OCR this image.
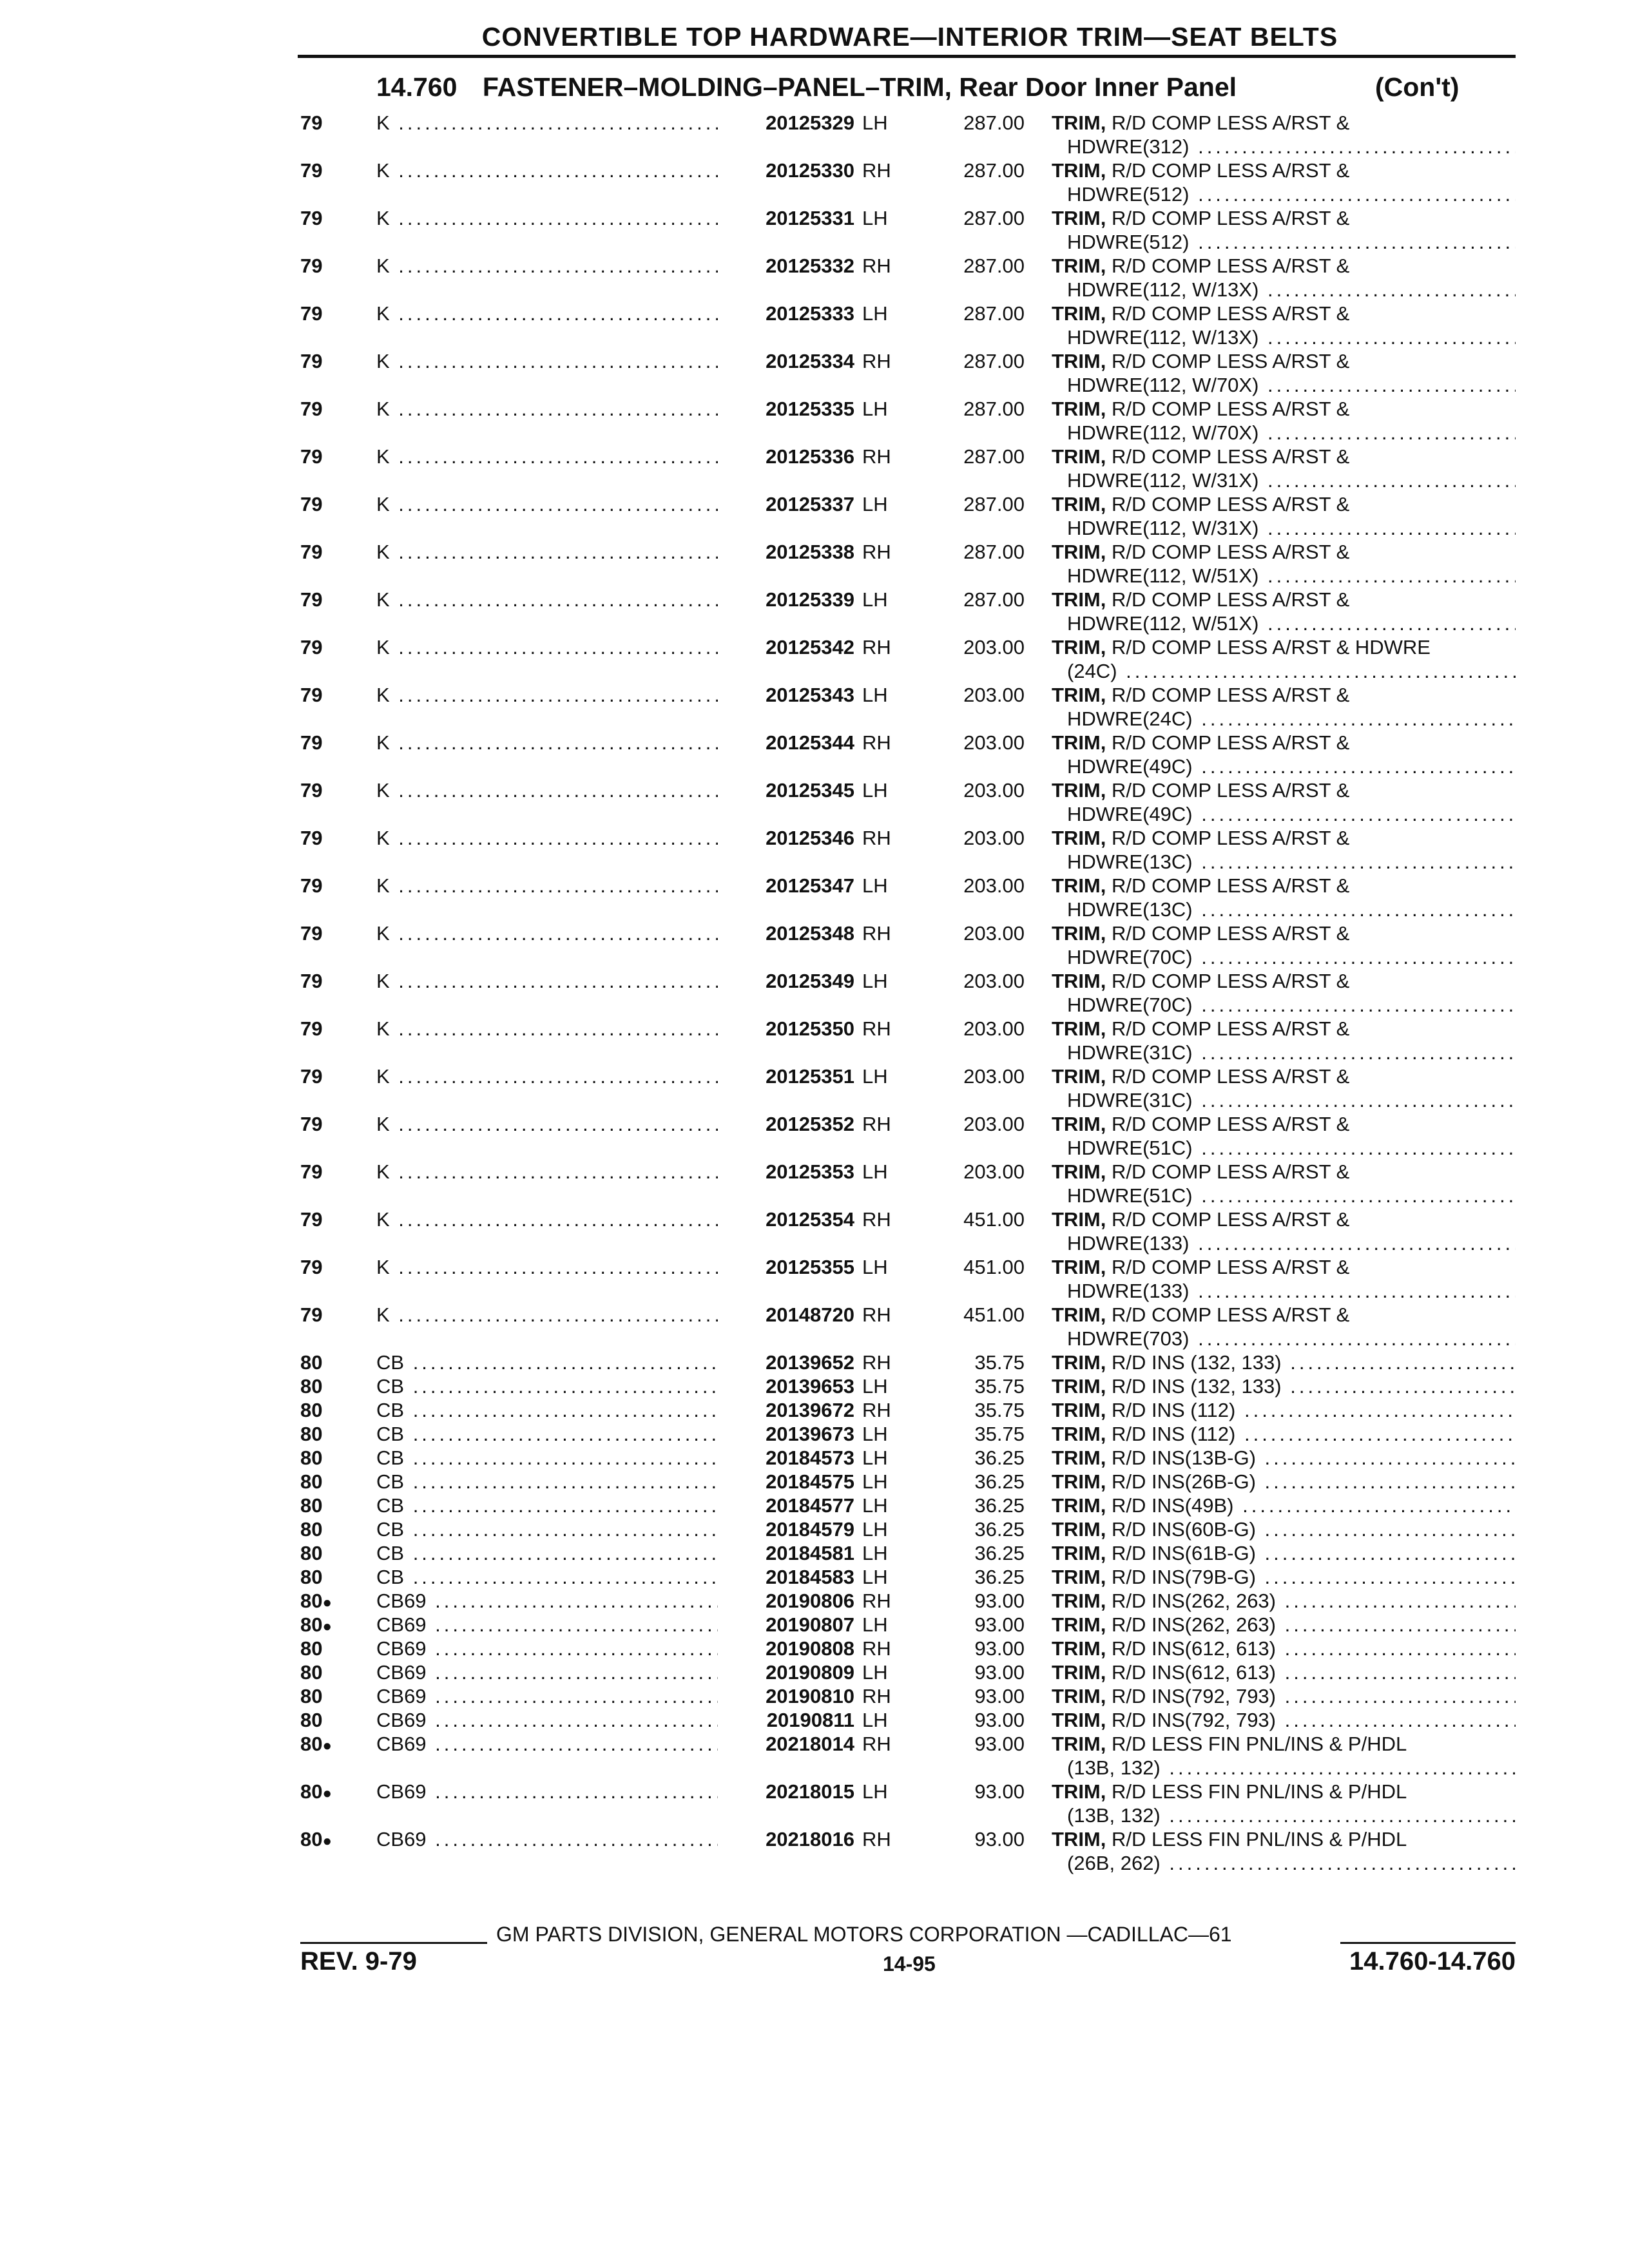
CONVERTIBLE TOP HARDWARE—INTERIOR TRIM—SEAT BELTS
14.760 FASTENER–MOLDING–PANEL–TRIM, Rear Door Inner Panel	(Con't)
79	K .....	20125329 LH	287.00 TRIM, R/D COMP LESS A/RST &
HDWRE(312) .....
79	K .....	20125330 RH	287.00 TRIM, R/D COMP LESS A/RST &
HDWRE(512) .....
79	K .....	20125331 LH	287.00 TRIM, R/D COMP LESS A/RST &
HDWRE(512) .....
79	K .....	20125332 RH	287.00 TRIM, R/D COMP LESS A/RST &
HDWRE(112, W/13X) .....
79	K .....	20125333 LH	287.00 TRIM, R/D COMP LESS A/RST &
HDWRE(112, W/13X) .....
79	K .....	20125334 RH	287.00 TRIM, R/D COMP LESS A/RST &
HDWRE(112, W/70X) .....
79	K .....	20125335 LH	287.00 TRIM, R/D COMP LESS A/RST &
HDWRE(112, W/70X) .....
79	K .....	20125336 RH	287.00 TRIM, R/D COMP LESS A/RST &
HDWRE(112, W/31X) .....
79	K .....	20125337 LH	287.00 TRIM, R/D COMP LESS A/RST &
HDWRE(112, W/31X) .....
79	K .....	20125338 RH	287.00 TRIM, R/D COMP LESS A/RST &
HDWRE(112, W/51X) .....
79	K .....	20125339 LH	287.00 TRIM, R/D COMP LESS A/RST &
HDWRE(112, W/51X) .....
79	K .....	20125342 RH	203.00 TRIM, R/D COMP LESS A/RST & HDWRE
(24C) .....
79	K .....	20125343 LH	203.00 TRIM, R/D COMP LESS A/RST &
HDWRE(24C) .....
79	K .....	20125344 RH	203.00 TRIM, R/D COMP LESS A/RST &
HDWRE(49C) .....
79	K .....	20125345 LH	203.00 TRIM, R/D COMP LESS A/RST &
HDWRE(49C) .....
79	K .....	20125346 RH	203.00 TRIM, R/D COMP LESS A/RST &
HDWRE(13C) .....
79	K .....	20125347 LH	203.00 TRIM, R/D COMP LESS A/RST &
HDWRE(13C) .....
79	K .....	20125348 RH	203.00 TRIM, R/D COMP LESS A/RST &
HDWRE(70C) .....
79	K .....	20125349 LH	203.00 TRIM, R/D COMP LESS A/RST &
HDWRE(70C) .....
79	K .....	20125350 RH	203.00 TRIM, R/D COMP LESS A/RST &
HDWRE(31C) .....
79	K .....	20125351 LH	203.00 TRIM, R/D COMP LESS A/RST &
HDWRE(31C) .....
79	K .....	20125352 RH	203.00 TRIM, R/D COMP LESS A/RST &
HDWRE(51C) .....
79	K .....	20125353 LH	203.00 TRIM, R/D COMP LESS A/RST &
HDWRE(51C) .....
79	K .....	20125354 RH	451.00 TRIM, R/D COMP LESS A/RST &
HDWRE(133) .....
79	K .....	20125355 LH	451.00 TRIM, R/D COMP LESS A/RST &
HDWRE(133) .....
79	K .....	20148720 RH	451.00 TRIM, R/D COMP LESS A/RST &
HDWRE(703) .....
80	CB .....	20139652 RH	35.75 TRIM, R/D INS (132, 133) .....
80	CB .....	20139653 LH	35.75 TRIM, R/D INS (132, 133) .....
80	CB .....	20139672 RH	35.75 TRIM, R/D INS (112) .....
80	CB .....	20139673 LH	35.75 TRIM, R/D INS (112) .....
80	CB .....	20184573 LH	36.25 TRIM, R/D INS(13B-G) .....
80	CB .....	20184575 LH	36.25 TRIM, R/D INS(26B-G) .....
80	CB .....	20184577 LH	36.25 TRIM, R/D INS(49B) .....
80	CB .....	20184579 LH	36.25 TRIM, R/D INS(60B-G) .....
80	CB .....	20184581 LH	36.25 TRIM, R/D INS(61B-G) .....
80	CB .....	20184583 LH	36.25 TRIM, R/D INS(79B-G) .....
80● CB69 .....	20190806 RH	93.00 TRIM, R/D INS(262, 263) .....
80● CB69 .....	20190807 LH	93.00 TRIM, R/D INS(262, 263) .....
80	CB69 .....	20190808 RH	93.00 TRIM, R/D INS(612, 613) .....
80	CB69 .....	20190809 LH	93.00 TRIM, R/D INS(612, 613) .....
80	CB69 .....	20190810 RH	93.00 TRIM, R/D INS(792, 793) .....
80	CB69 .....	20190811 LH	93.00 TRIM, R/D INS(792, 793) .....
80● CB69 .....	20218014 RH	93.00 TRIM, R/D LESS FIN PNL/INS & P/HDL
(13B, 132) .....
80● CB69 .....	20218015 LH	93.00 TRIM, R/D LESS FIN PNL/INS & P/HDL
(13B, 132) .....
80● CB69 .....	20218016 RH	93.00 TRIM, R/D LESS FIN PNL/INS & P/HDL
(26B, 262) .....
GM PARTS DIVISION, GENERAL MOTORS CORPORATION —CADILLAC—61
REV. 9-79	14-95	14.760-14.760
